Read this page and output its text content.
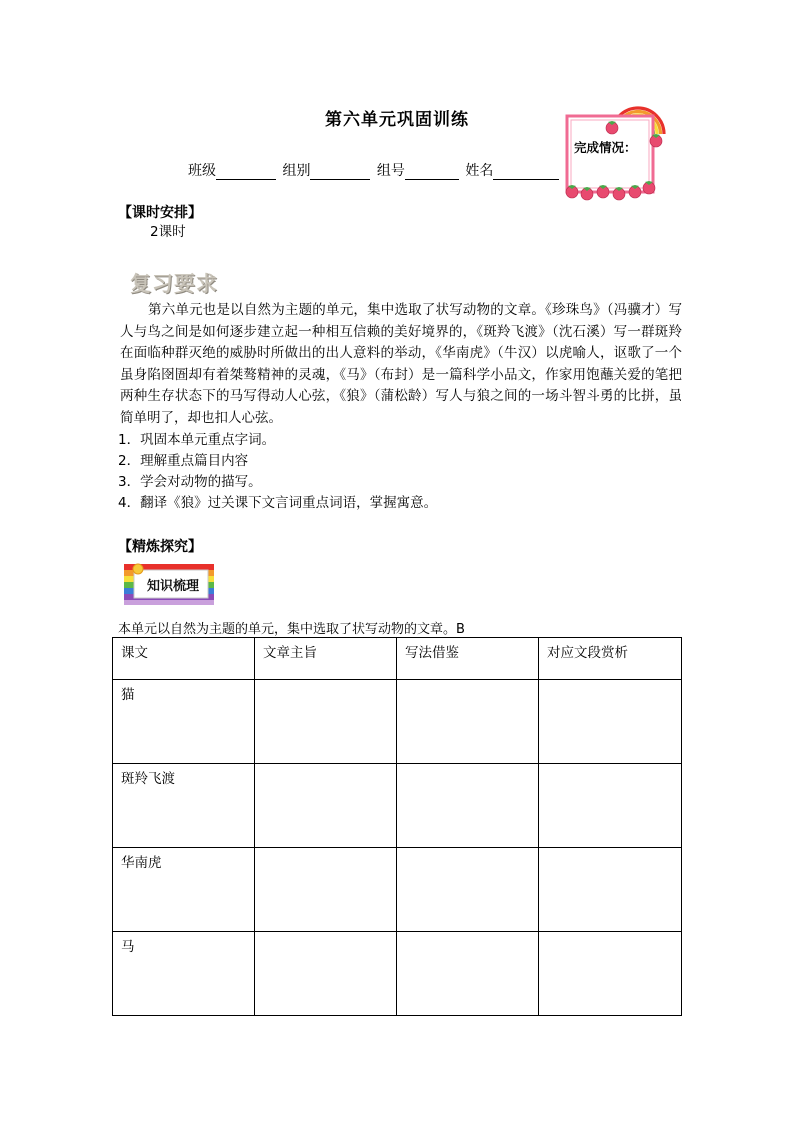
第六单元巩固训练
班级	组别	组号	姓名
完成情况：
【课时安排】
2课时
复习要求
第六单元也是以自然为主题的单元，集中选取了状写动物的文章。《珍珠鸟》（冯骥才）写人与鸟之间是如何逐步建立起一种相互信赖的美好境界的，《斑羚飞渡》（沈石溪）写一群斑羚在面临种群灭绝的威胁时所做出的出人意料的举动，《华南虎》（牛汉）以虎喻人，讴歌了一个虽身陷囹圄却有着桀骜精神的灵魂，《马》（布封）是一篇科学小品文，作家用饱蘸关爱的笔把两种生存状态下的马写得动人心弦，《狼》（蒲松龄）写人与狼之间的一场斗智斗勇的比拼，虽简单明了，却也扣人心弦。
1．巩固本单元重点字词。
2．理解重点篇目内容
3．学会对动物的描写。
4．翻译《狼》过关课下文言词重点词语，掌握寓意。
【精炼探究】
知识梳理
本单元以自然为主题的单元，集中选取了状写动物的文章。B
课文	文章主旨	写法借鉴	对应文段赏析
猫			
斑羚飞渡			
华南虎			
马			
